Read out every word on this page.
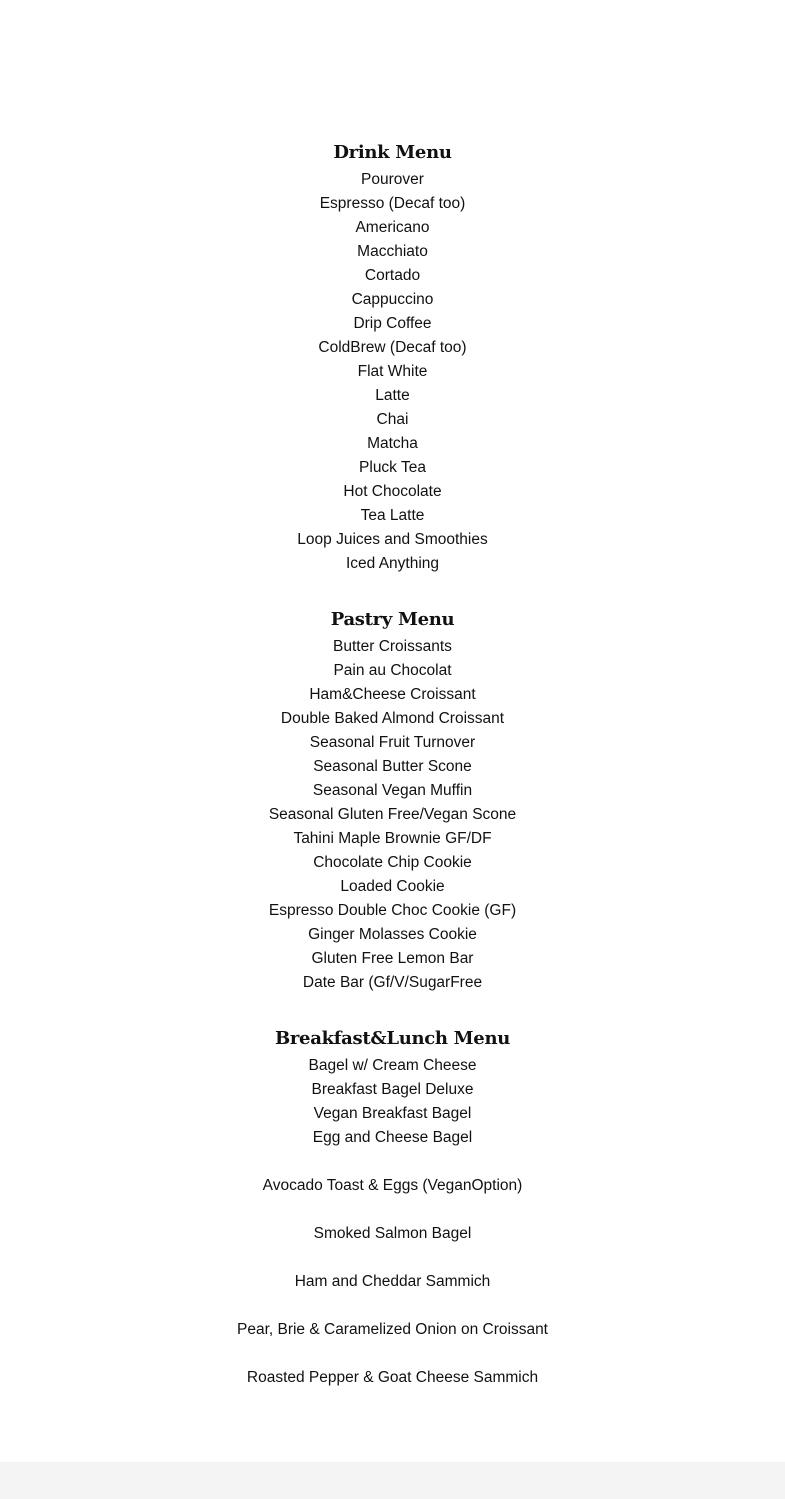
Drink Menu

Pourover

Espresso (Decaf too)

Americano

Macchiato

Cortado

Cappuccino

Drip Coffee

ColdBrew (Decaf too)

Flat White

Latte

Chai

Matcha

Pluck Tea

Hot Chocolate

Tea Latte

Loop Juices and Smoothies

Iced Anything

Pastry Menu

Butter Croissants

Pain au Chocolat

Ham&Cheese Croissant

Double Baked Almond Croissant

Seasonal Fruit Turnover

Seasonal Butter Scone

Seasonal Vegan Muffin

Seasonal Gluten Free/Vegan Scone

Tahini Maple Brownie GF/DF

Chocolate Chip Cookie

Loaded Cookie

Espresso Double Choc Cookie (GF)

Ginger Molasses Cookie

Gluten Free Lemon Bar

Date Bar (Gf/V/SugarFree

Breakfast&Lunch Menu

Bagel w/ Cream Cheese

Breakfast Bagel Deluxe

Vegan Breakfast Bagel

Egg and Cheese Bagel

Avocado Toast & Eggs (VeganOption)

Smoked Salmon Bagel

Ham and Cheddar Sammich

Pear, Brie & Caramelized Onion on Croissant

Roasted Pepper & Goat Cheese Sammich
